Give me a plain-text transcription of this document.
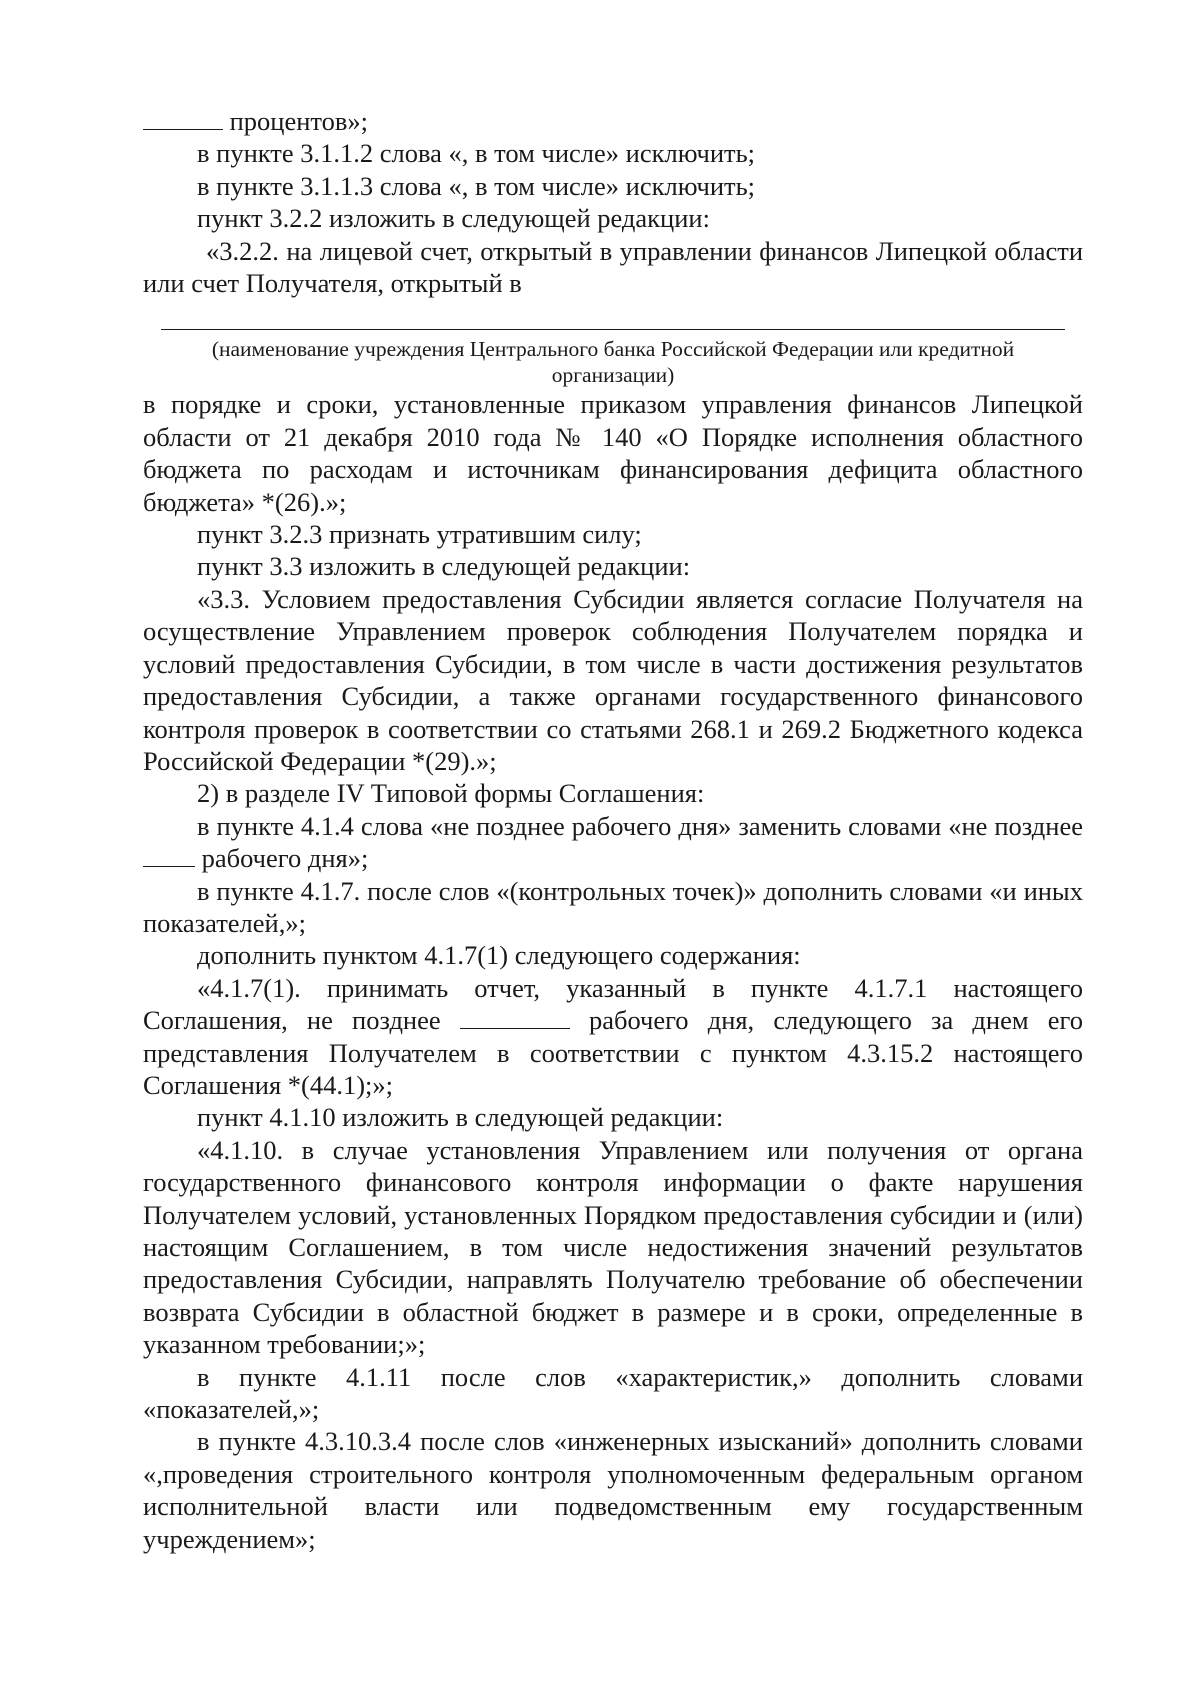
процентов»;

в пункте 3.1.1.2 слова «, в том числе» исключить;

в пункте 3.1.1.3 слова «, в том числе» исключить;

пункт 3.2.2 изложить в следующей редакции:

«3.2.2. на лицевой счет, открытый в управлении финансов Липецкой области или счет Получателя, открытый в

(наименование учреждения Центрального банка Российской Федерации или кредитной организации)

в порядке и сроки, установленные приказом управления финансов Липецкой области от 21 декабря 2010 года № 140 «О Порядке исполнения областного бюджета по расходам и источникам финансирования дефицита областного бюджета» *(26).»;

пункт 3.2.3 признать утратившим силу;

пункт 3.3 изложить в следующей редакции:

«3.3. Условием предоставления Субсидии является согласие Получателя на осуществление Управлением проверок соблюдения Получателем порядка и условий предоставления Субсидии, в том числе в части достижения результатов предоставления Субсидии, а также органами государственного финансового контроля проверок в соответствии со статьями 268.1 и 269.2 Бюджетного кодекса Российской Федерации *(29).»;

2) в разделе IV Типовой формы Соглашения:

в пункте 4.1.4 слова «не позднее рабочего дня» заменить словами «не позднее  рабочего дня»;

в пункте 4.1.7. после слов «(контрольных точек)» дополнить словами «и иных показателей,»;

дополнить пунктом 4.1.7(1) следующего содержания:

«4.1.7(1). принимать отчет, указанный в пункте 4.1.7.1 настоящего Соглашения, не позднее	рабочего дня, следующего за днем его представления Получателем в соответствии с пунктом 4.3.15.2 настоящего Соглашения *(44.1);»;

пункт 4.1.10 изложить в следующей редакции:

«4.1.10. в случае установления Управлением или получения от органа государственного финансового контроля информации о факте нарушения Получателем условий, установленных Порядком предоставления субсидии и (или) настоящим Соглашением, в том числе недостижения значений результатов предоставления Субсидии, направлять Получателю требование об обеспечении возврата Субсидии в областной бюджет в размере и в сроки, определенные в указанном требовании;»;

в пункте 4.1.11 после слов «характеристик,» дополнить словами «показателей,»;

в пункте 4.3.10.3.4 после слов «инженерных изысканий» дополнить словами «,проведения строительного контроля уполномоченным федеральным органом исполнительной власти или подведомственным ему государственным учреждением»;
